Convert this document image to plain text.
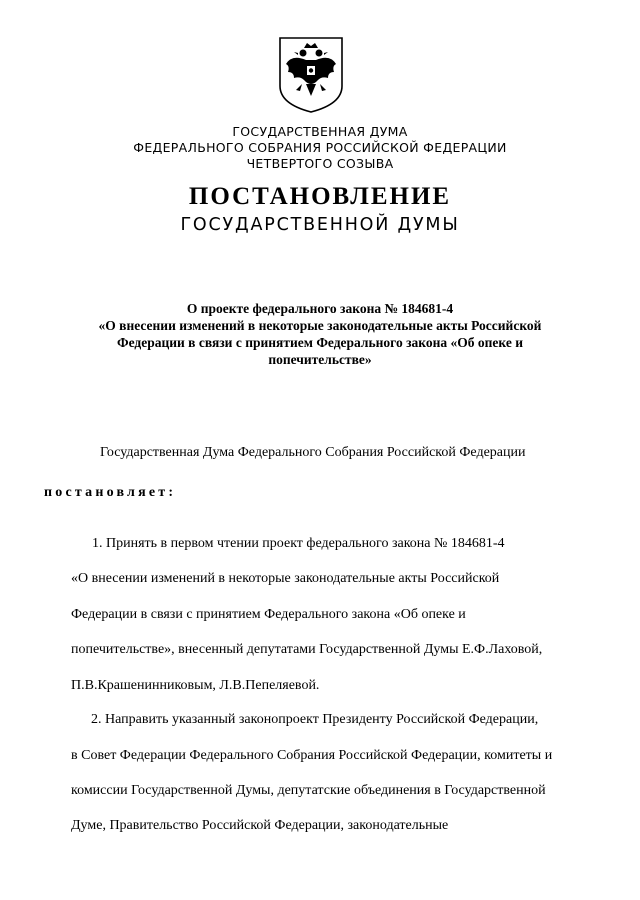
ГОСУДАРСТВЕННАЯ ДУМА
ФЕДЕРАЛЬНОГО СОБРАНИЯ РОССИЙСКОЙ ФЕДЕРАЦИИ
ЧЕТВЕРТОГО СОЗЫВА
ПОСТАНОВЛЕНИЕ
ГОСУДАРСТВЕННОЙ ДУМЫ
О проекте федерального закона № 184681-4
«О внесении изменений в некоторые законодательные акты Российской
Федерации в связи с принятием Федерального закона «Об опеке и
попечительстве»
Государственная Дума Федерального Собрания Российской Федерации
постановляет:
1. Принять в первом чтении проект федерального закона № 184681-4
«О внесении изменений в некоторые законодательные акты Российской
Федерации в связи с принятием Федерального закона «Об опеке и
попечительстве», внесенный депутатами Государственной Думы Е.Ф.Лаховой,
П.В.Крашенинниковым, Л.В.Пепеляевой.
2. Направить указанный законопроект Президенту Российской Федерации,
в Совет Федерации Федерального Собрания Российской Федерации, комитеты и
комиссии Государственной Думы, депутатские объединения в Государственной
Думе, Правительство Российской Федерации, законодательные
